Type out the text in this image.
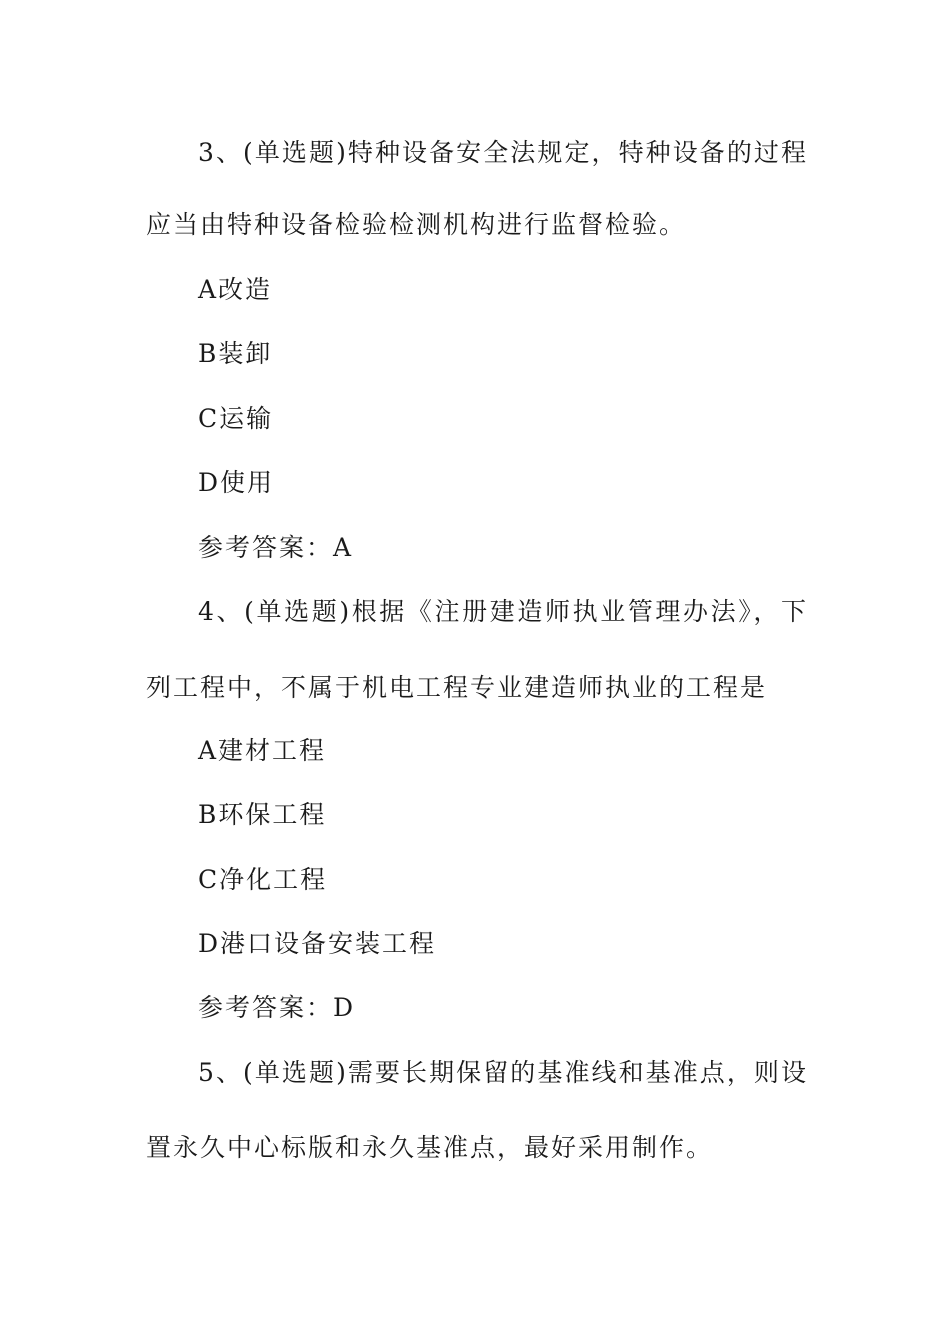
3、(单选题)特种设备安全法规定，特种设备的过程
应当由特种设备检验检测机构进行监督检验。
A改造
B装卸
C运输
D使用
参考答案：A
4、(单选题)根据《注册建造师执业管理办法》，下
列工程中，不属于机电工程专业建造师执业的工程是
A建材工程
B环保工程
C净化工程
D港口设备安装工程
参考答案：D
5、(单选题)需要长期保留的基准线和基准点，则设
置永久中心标版和永久基准点，最好采用制作。
